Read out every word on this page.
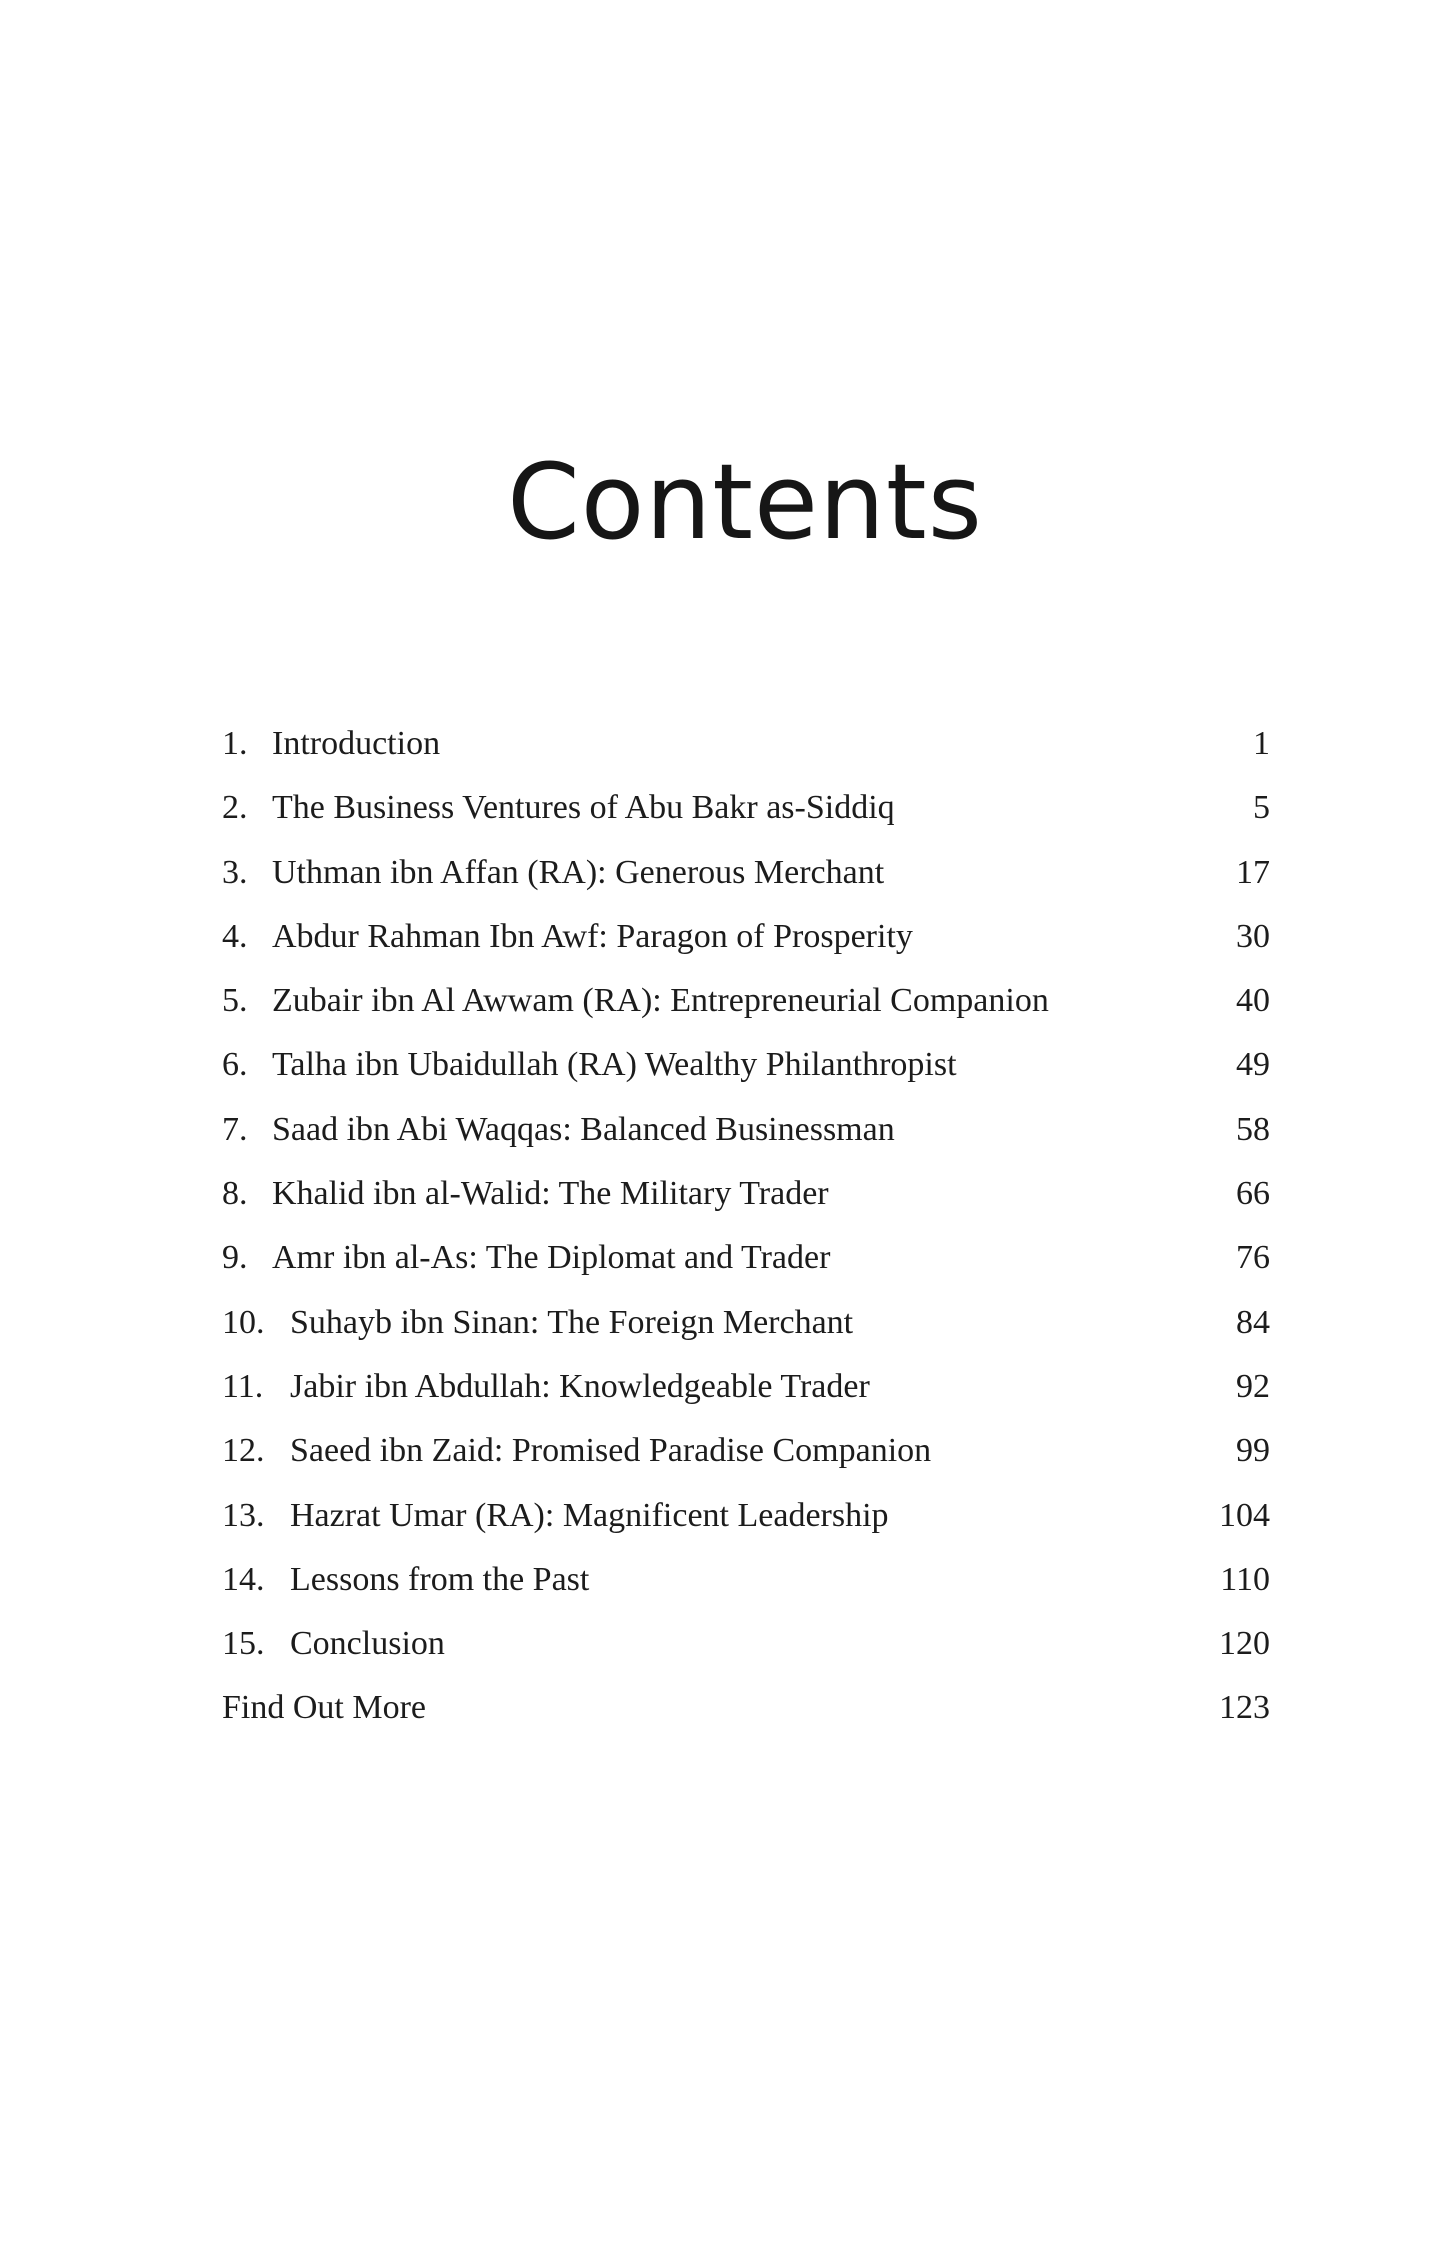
Contents
1. Introduction	1
2. The Business Ventures of Abu Bakr as-Siddiq	5
3. Uthman ibn Affan (RA): Generous Merchant	17
4. Abdur Rahman Ibn Awf: Paragon of Prosperity	30
5. Zubair ibn Al Awwam (RA): Entrepreneurial Companion	40
6. Talha ibn Ubaidullah (RA) Wealthy Philanthropist	49
7. Saad ibn Abi Waqqas: Balanced Businessman	58
8. Khalid ibn al-Walid: The Military Trader	66
9. Amr ibn al-As: The Diplomat and Trader	76
10. Suhayb ibn Sinan: The Foreign Merchant	84
11. Jabir ibn Abdullah: Knowledgeable Trader	92
12. Saeed ibn Zaid: Promised Paradise Companion	99
13. Hazrat Umar (RA): Magnificent Leadership	104
14. Lessons from the Past	110
15. Conclusion	120
Find Out More	123
